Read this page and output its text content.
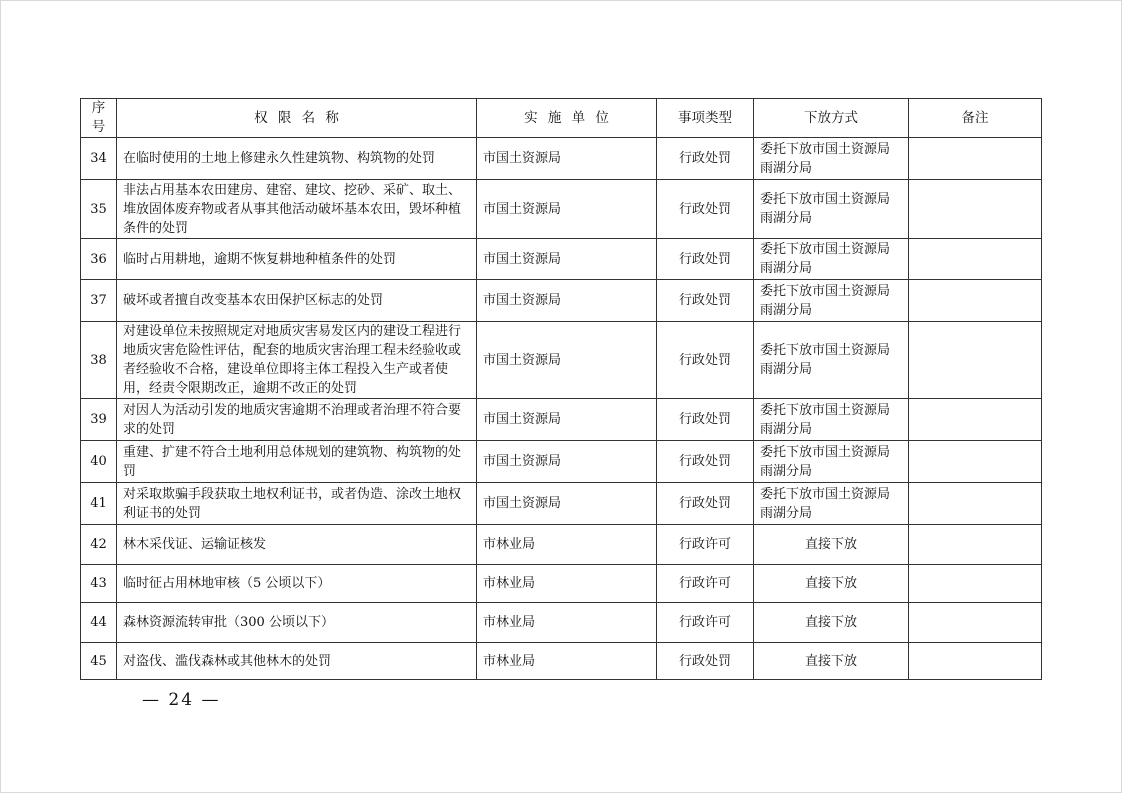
序号	权 限 名 称	实 施 单 位	事项类型	下放方式	备注
34	在临时使用的土地上修建永久性建筑物、构筑物的处罚	市国土资源局	行政处罚	委托下放市国土资源局雨湖分局	
35	非法占用基本农田建房、建窑、建坟、挖砂、采矿、取土、堆放固体废弃物或者从事其他活动破坏基本农田，毁坏种植条件的处罚	市国土资源局	行政处罚	委托下放市国土资源局雨湖分局	
36	临时占用耕地，逾期不恢复耕地种植条件的处罚	市国土资源局	行政处罚	委托下放市国土资源局雨湖分局	
37	破坏或者擅自改变基本农田保护区标志的处罚	市国土资源局	行政处罚	委托下放市国土资源局雨湖分局	
38	对建设单位未按照规定对地质灾害易发区内的建设工程进行地质灾害危险性评估，配套的地质灾害治理工程未经验收或者经验收不合格，建设单位即将主体工程投入生产或者使用，经责令限期改正，逾期不改正的处罚	市国土资源局	行政处罚	委托下放市国土资源局雨湖分局	
39	对因人为活动引发的地质灾害逾期不治理或者治理不符合要求的处罚	市国土资源局	行政处罚	委托下放市国土资源局雨湖分局	
40	重建、扩建不符合土地利用总体规划的建筑物、构筑物的处罚	市国土资源局	行政处罚	委托下放市国土资源局雨湖分局	
41	对采取欺骗手段获取土地权利证书，或者伪造、涂改土地权利证书的处罚	市国土资源局	行政处罚	委托下放市国土资源局雨湖分局	
42	林木采伐证、运输证核发	市林业局	行政许可	直接下放	
43	临时征占用林地审核（5 公顷以下）	市林业局	行政许可	直接下放	
44	森林资源流转审批（300 公顷以下）	市林业局	行政许可	直接下放	
45	对盗伐、滥伐森林或其他林木的处罚	市林业局	行政处罚	直接下放	
— 24 —
